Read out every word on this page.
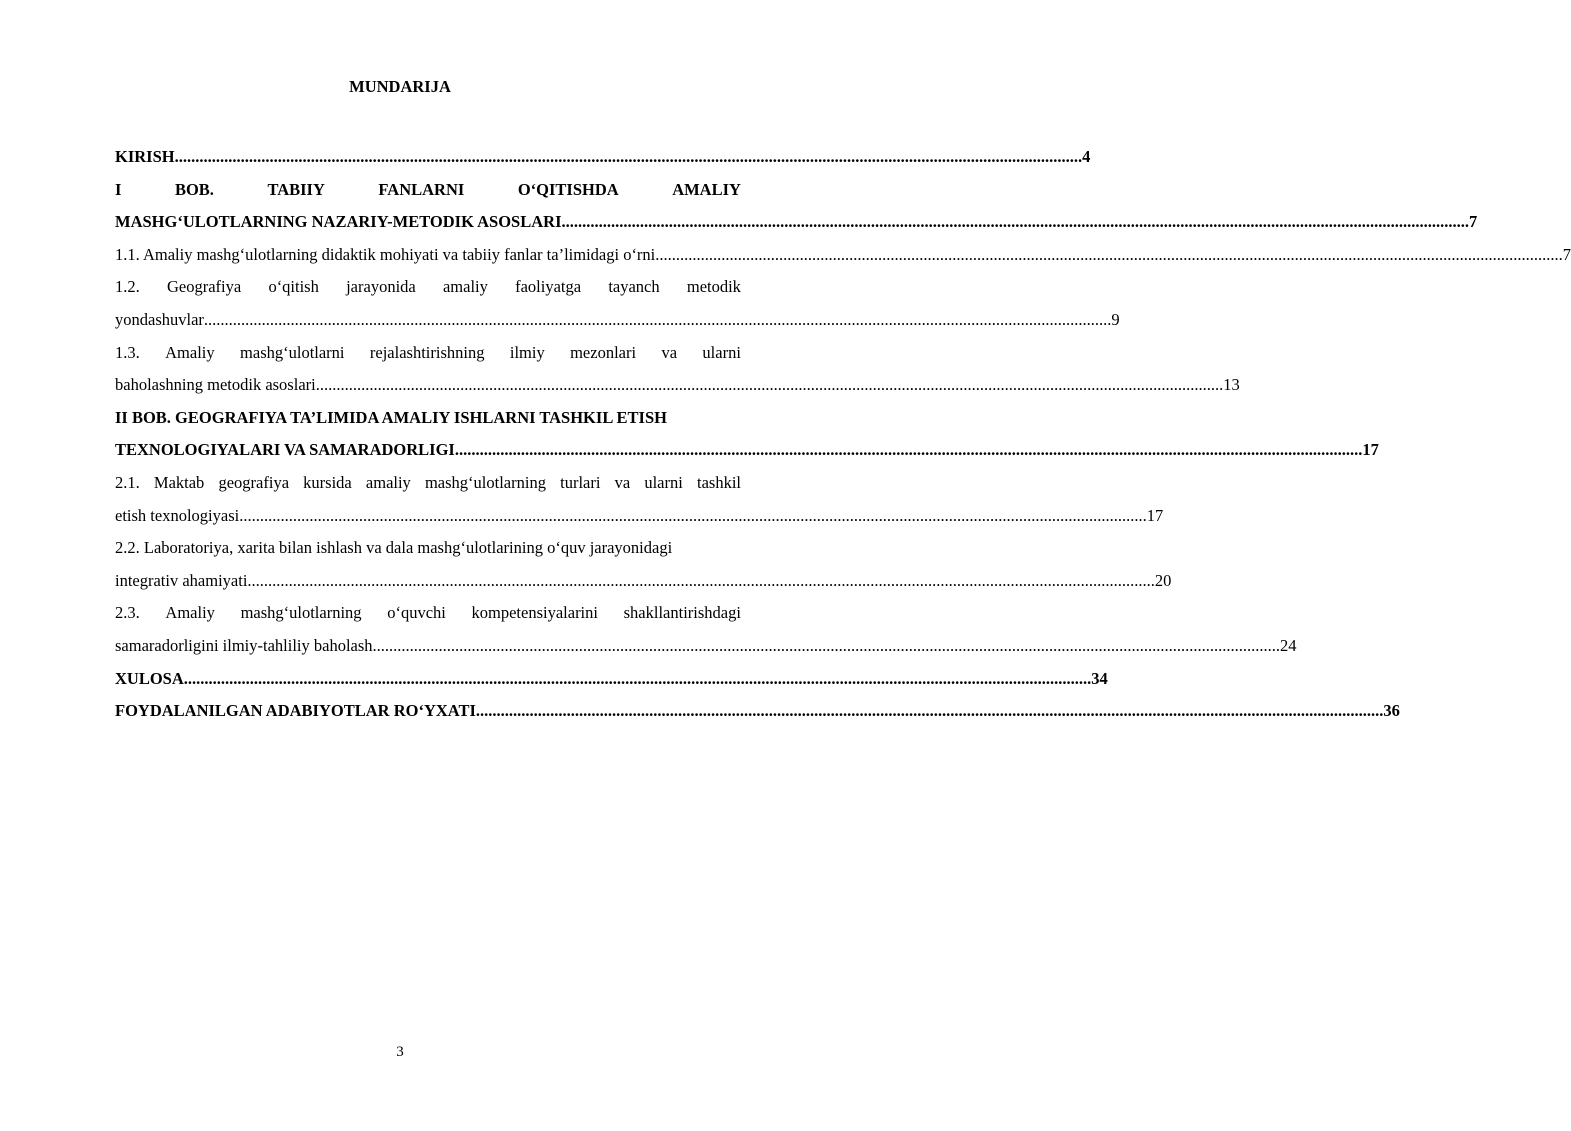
MUNDARIJA
KIRISH ............................................................................................................................................................................................................................ 4
I	BOB.	TABIIY	FANLARNI	O‘QITISHDA	AMALIY
MASHG‘ULOTLARNING NAZARIY-METODIK ASOSLARI ............................................................................................................................................................................................................................ 7
1.1. Amaliy mashg‘ulotlarning didaktik mohiyati va tabiiy fanlar ta’limidagi o‘rni ............................................................................................................................................................................................................................ 7
1.2. Geografiya o‘qitish jarayonida amaliy faoliyatga tayanch metodik
yondashuvlar ............................................................................................................................................................................................................................ 9
1.3. Amaliy mashg‘ulotlarni rejalashtirishning ilmiy mezonlari va ularni
baholashning metodik asoslari ............................................................................................................................................................................................................................ 13
II BOB. GEOGRAFIYA TA’LIMIDA AMALIY ISHLARNI TASHKIL ETISH
TEXNOLOGIYALARI VA SAMARADORLIGI ............................................................................................................................................................................................................................ 17
2.1. Maktab geografiya kursida amaliy mashg‘ulotlarning turlari va ularni tashkil
etish texnologiyasi ............................................................................................................................................................................................................................ 17
2.2. Laboratoriya, xarita bilan ishlash va dala mashg‘ulotlarining o‘quv jarayonidagi
integrativ ahamiyati ............................................................................................................................................................................................................................ 20
2.3. Amaliy mashg‘ulotlarning o‘quvchi kompetensiyalarini shakllantirishdagi
samaradorligini ilmiy-tahliliy baholash ............................................................................................................................................................................................................................ 24
XULOSA ............................................................................................................................................................................................................................ 34
FOYDALANILGAN ADABIYOTLAR RO‘YXATI ............................................................................................................................................................................................................................ 36
3
